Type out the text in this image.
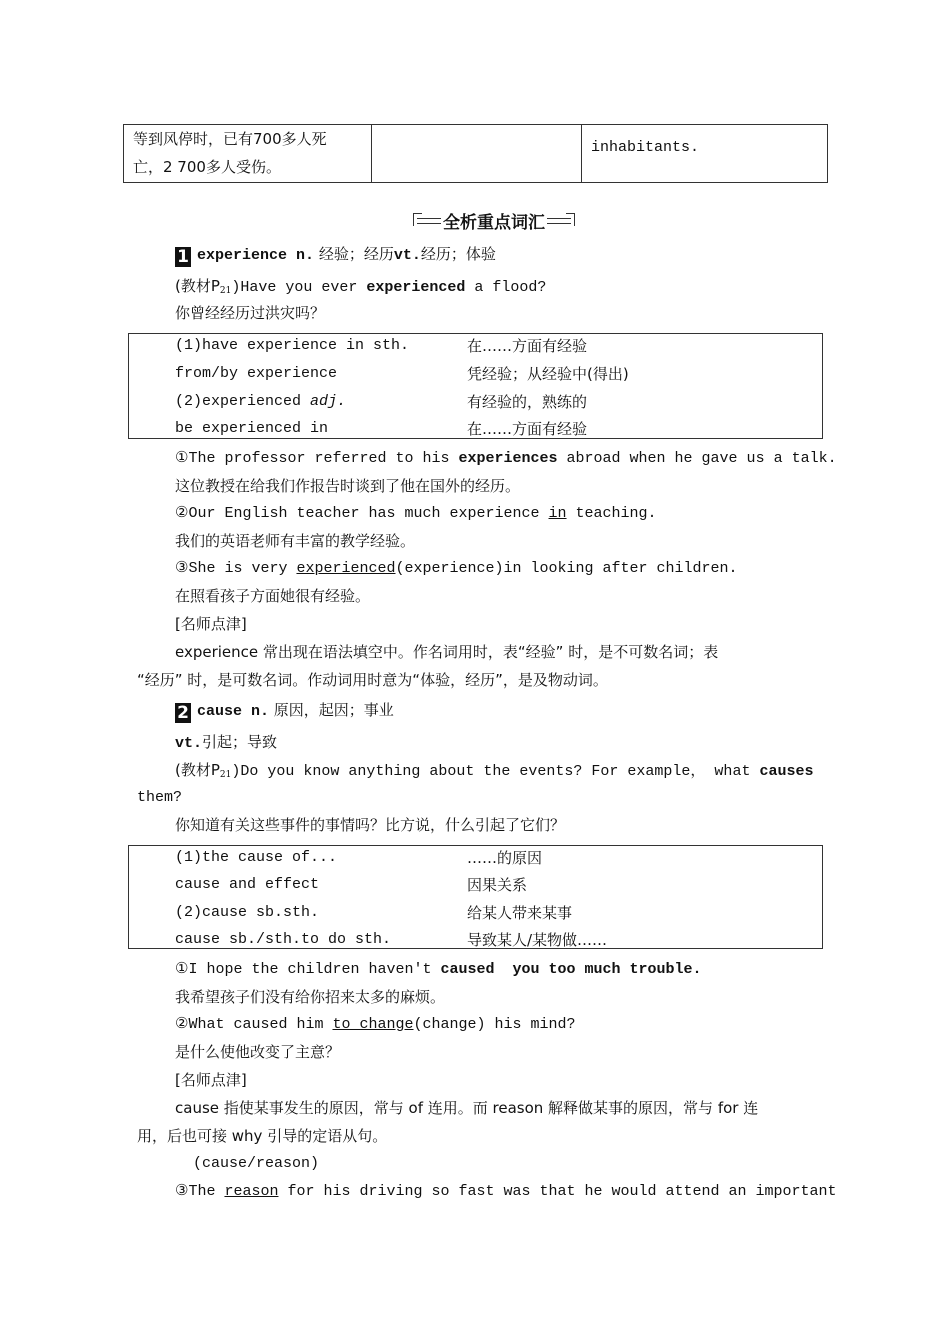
等到风停时，已有700多人死
亡，2 700多人受伤。

inhabitants.
全析重点词汇
1 experience n. 经验；经历vt.经历；体验
(教材$P_{21})Have$ you ever experienced a flood?
你曾经经历过洪灾吗？
(1)have experience in sth.	在……方面有经验
from/by experience	凭经验；从经验中(得出)
(2)experienced adj.	有经验的，熟练的
be experienced in	在……方面有经验
①The professor referred to his experiences abroad when he gave us a talk.
这位教授在给我们作报告时谈到了他在国外的经历。
②Our English teacher has much experience in teaching.
我们的英语老师有丰富的教学经验。
③She is very experienced(experience)in looking after children.
在照看孩子方面她很有经验。
[名师点津]
experience 常出现在语法填空中。作名词用时，表“经验” 时，是不可数名词；表
“经历” 时，是可数名词。作动词用时意为“体验，经历”，是及物动词。
2 cause n. 原因，起因；事业
vt.引起；导致
(教材$P_{21})Do$ you know anything about the events? For example， what causes
them?
你知道有关这些事件的事情吗？比方说，什么引起了它们？
(1)the cause of...	……的原因
cause and effect	因果关系
(2)cause sb.sth.	给某人带来某事
cause sb./sth.to do sth.	导致某人/某物做……
①I hope the children haven't caused  you too much trouble.
我希望孩子们没有给你招来太多的麻烦。
②What caused him to change(change) his mind?
是什么使他改变了主意？
[名师点津]
cause 指使某事发生的原因，常与 of 连用。而 reason 解释做某事的原因，常与 for 连
用，后也可接 why 引导的定语从句。
(cause/reason)
③The reason for his driving so fast was that he would attend an important
